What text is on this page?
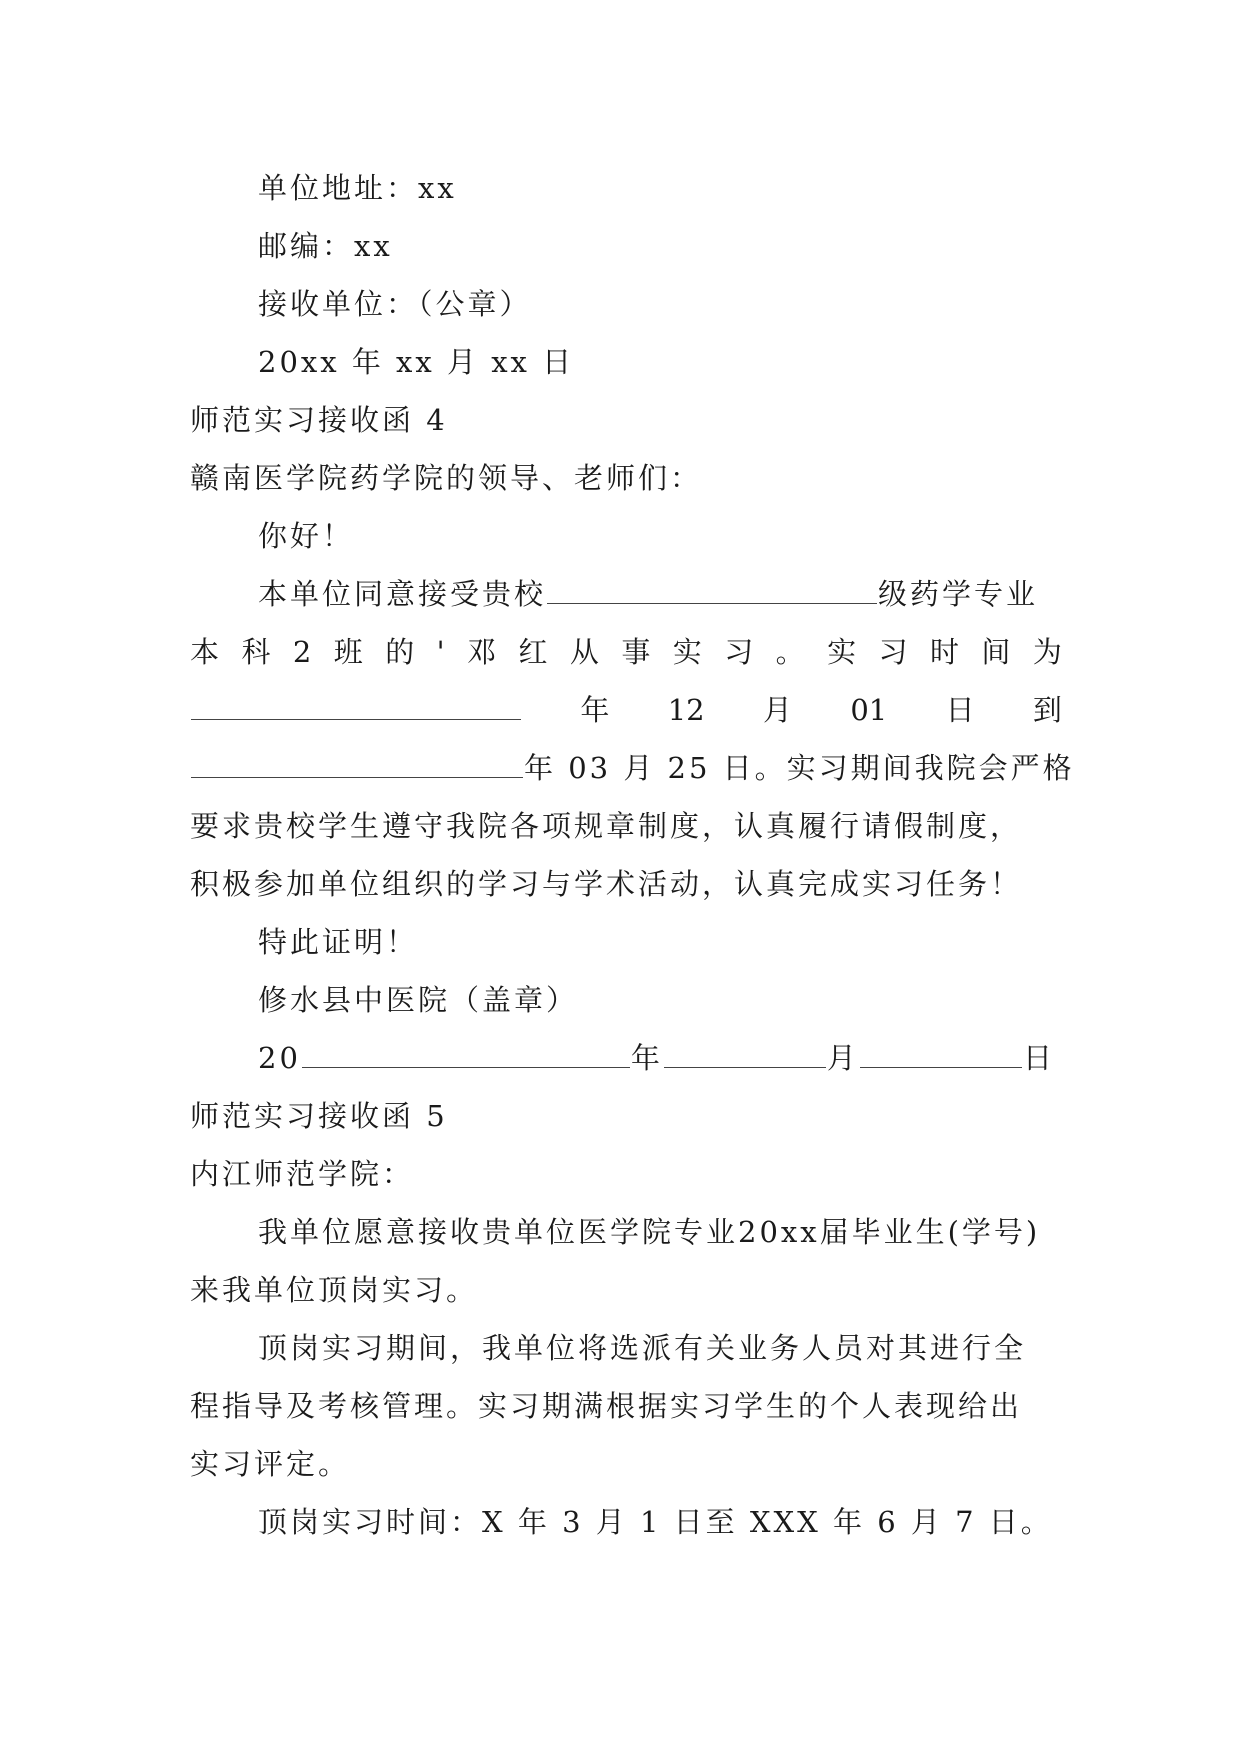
单位地址：xx
邮编：xx
接收单位：（公章）
20xx 年 xx 月 xx 日
师范实习接收函 4
赣南医学院药学院的领导、老师们：
你好！
本单位同意接受贵校	级药学专业
本 科 2 班 的 ' 邓 红 从 事 实 习 。 实 习 时 间 为
年 12 月 01 日 到
年 03 月 25 日。实习期间我院会严格
要求贵校学生遵守我院各项规章制度，认真履行请假制度，
积极参加单位组织的学习与学术活动，认真完成实习任务！
特此证明！
修水县中医院（盖章）
20	年	月	日
师范实习接收函 5
内江师范学院：
我单位愿意接收贵单位医学院专业20xx届毕业生(学号)
来我单位顶岗实习。
顶岗实习期间，我单位将选派有关业务人员对其进行全
程指导及考核管理。实习期满根据实习学生的个人表现给出
实习评定。
顶岗实习时间：X 年 3 月 1 日至 XXX 年 6 月 7 日。
